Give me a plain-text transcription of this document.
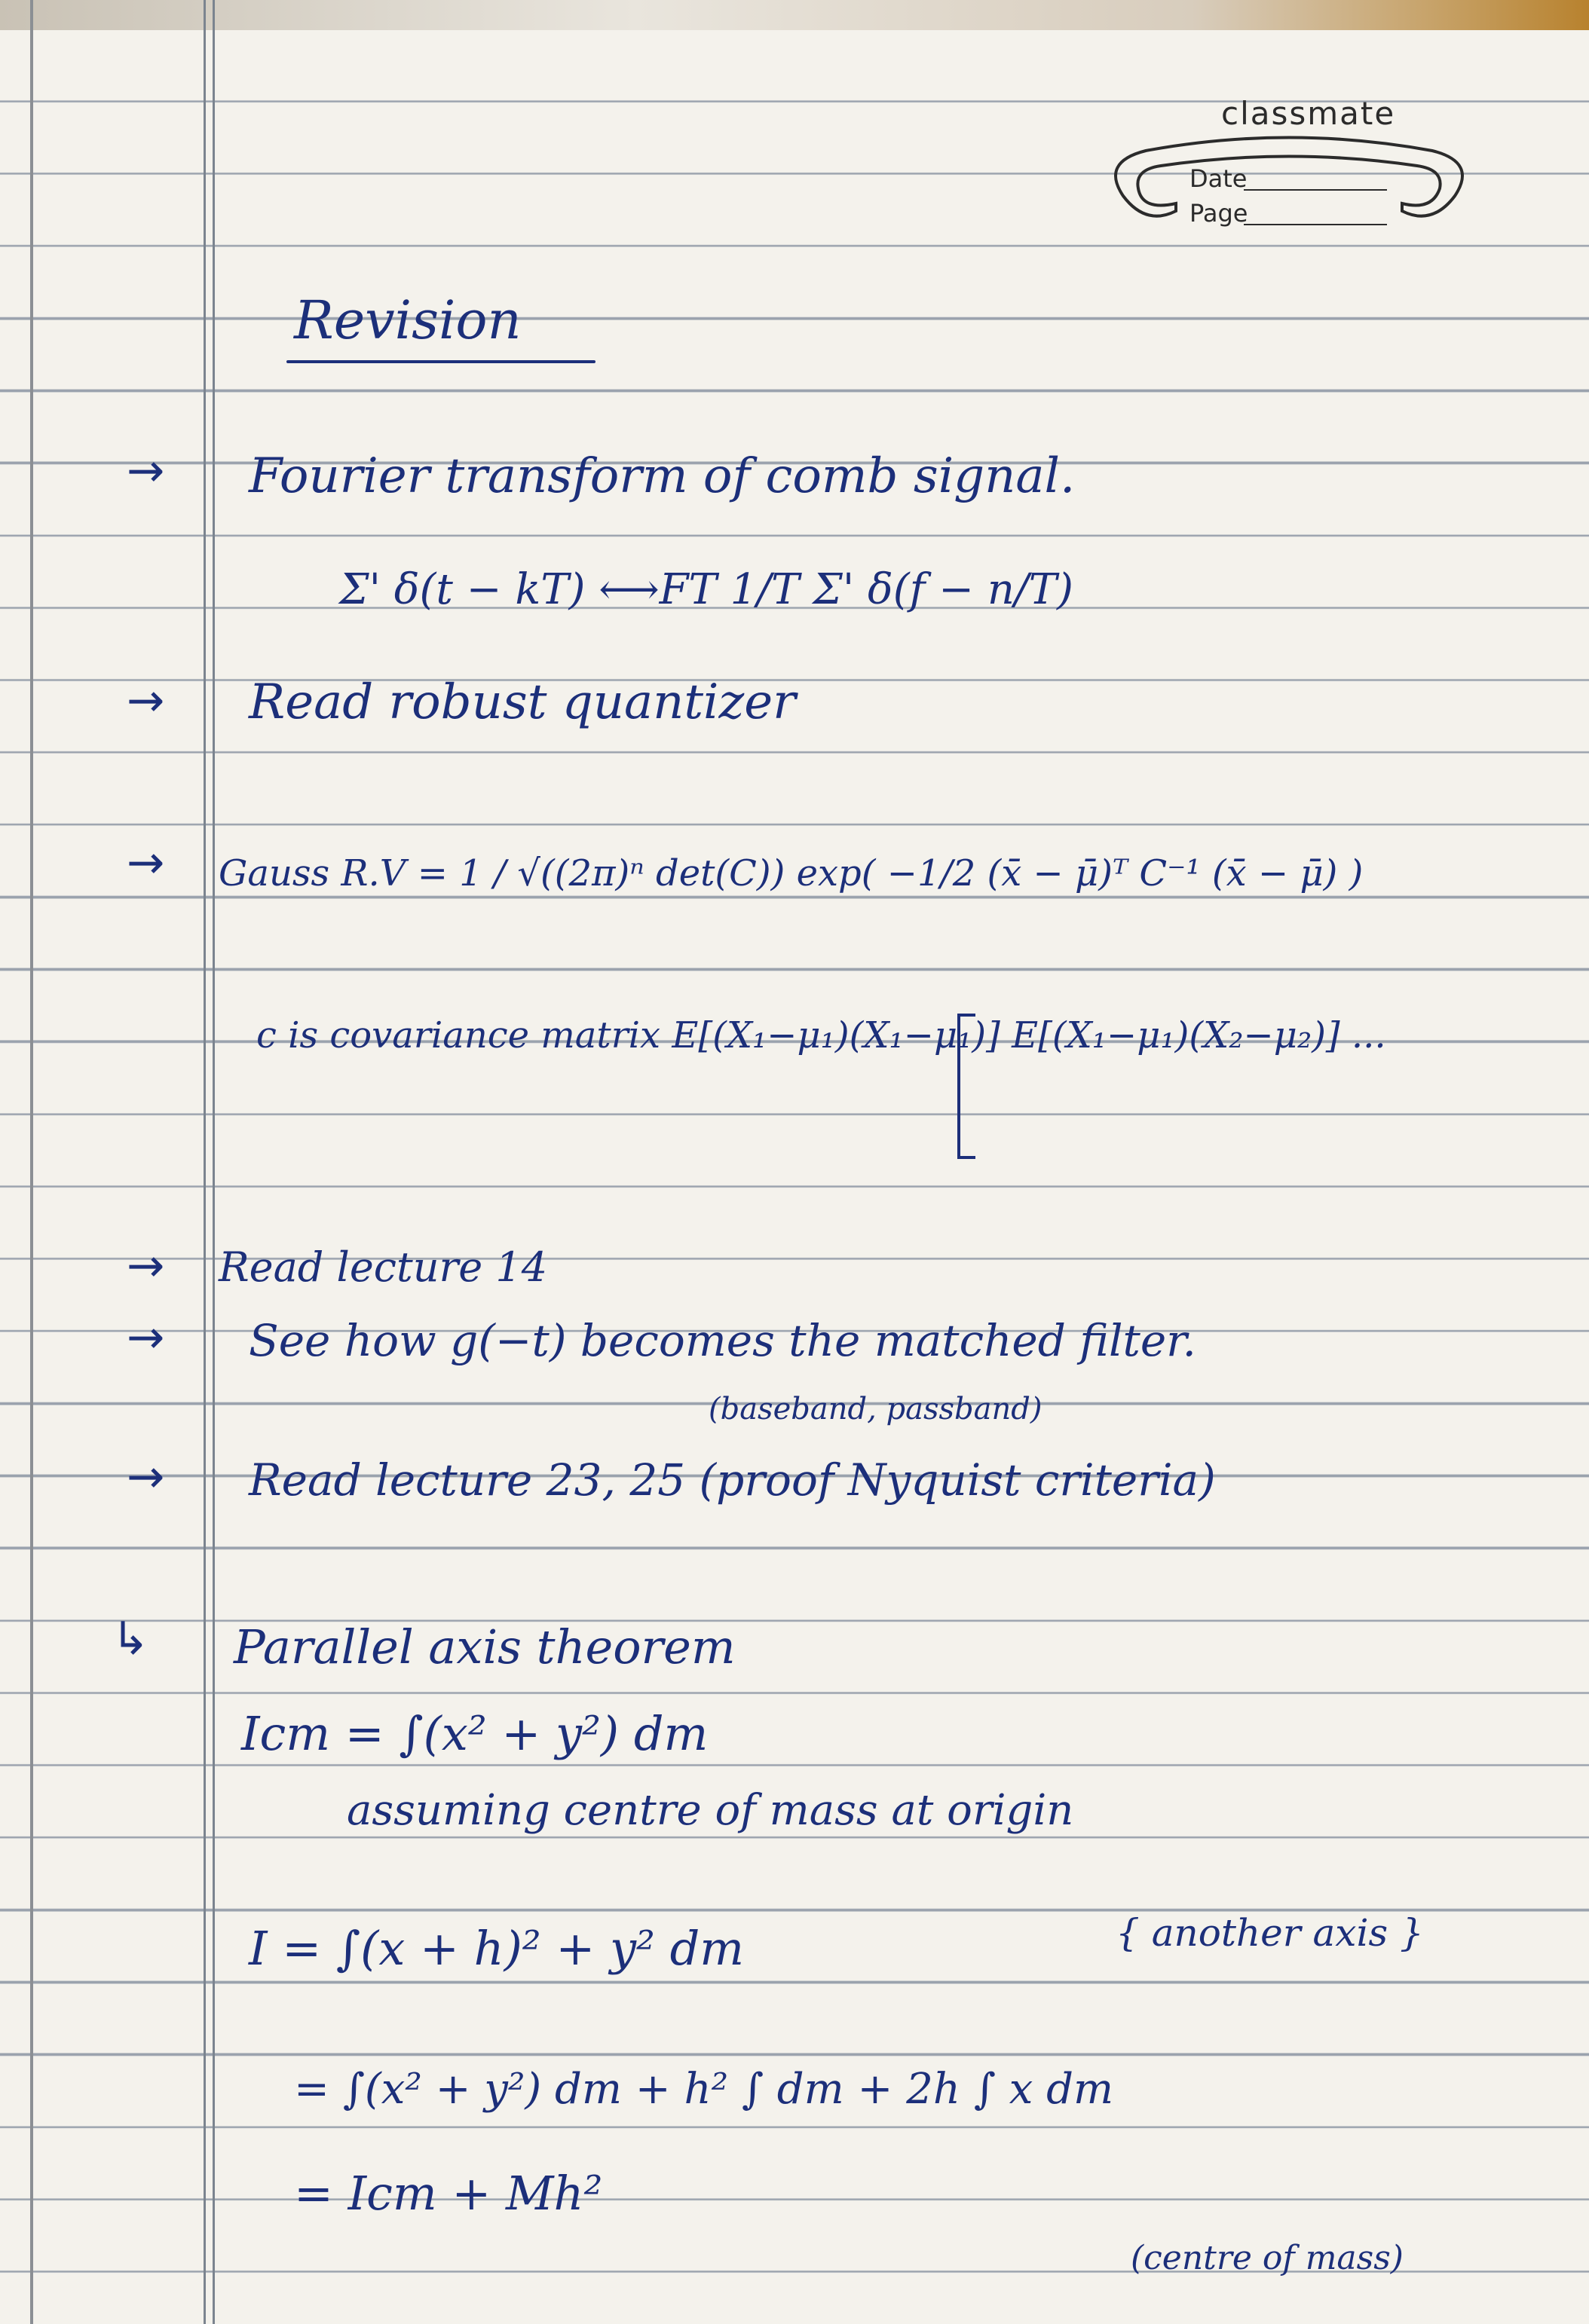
classmate
Date
Page
Revision
→ Fourier transform of comb signal.
Σ' δ(t − kT) ⟷FT 1/T Σ' δ(f − n/T)
→ Read robust quantizer
→ Gauss R.V = 1 / √((2π)ⁿ det(C)) exp( −1/2 (x̄ − μ̄)ᵀ C⁻¹ (x̄ − μ̄) )
c is covariance matrix E[(X₁−μ₁)(X₁−μ₁)] E[(X₁−μ₁)(X₂−μ₂)] ...
→ Read lecture 14
→ See how g(−t) becomes the matched filter.
(baseband, passband)
→ Read lecture 23, 25 (proof Nyquist criteria)
↳ Parallel axis theorem
Icm = ∫(x² + y²) dm
assuming centre of mass at origin
I = ∫(x + h)² + y² dm	{ another axis }
= ∫(x² + y²) dm + h² ∫ dm + 2h ∫ x dm
= Icm + Mh²
(centre of mass)
